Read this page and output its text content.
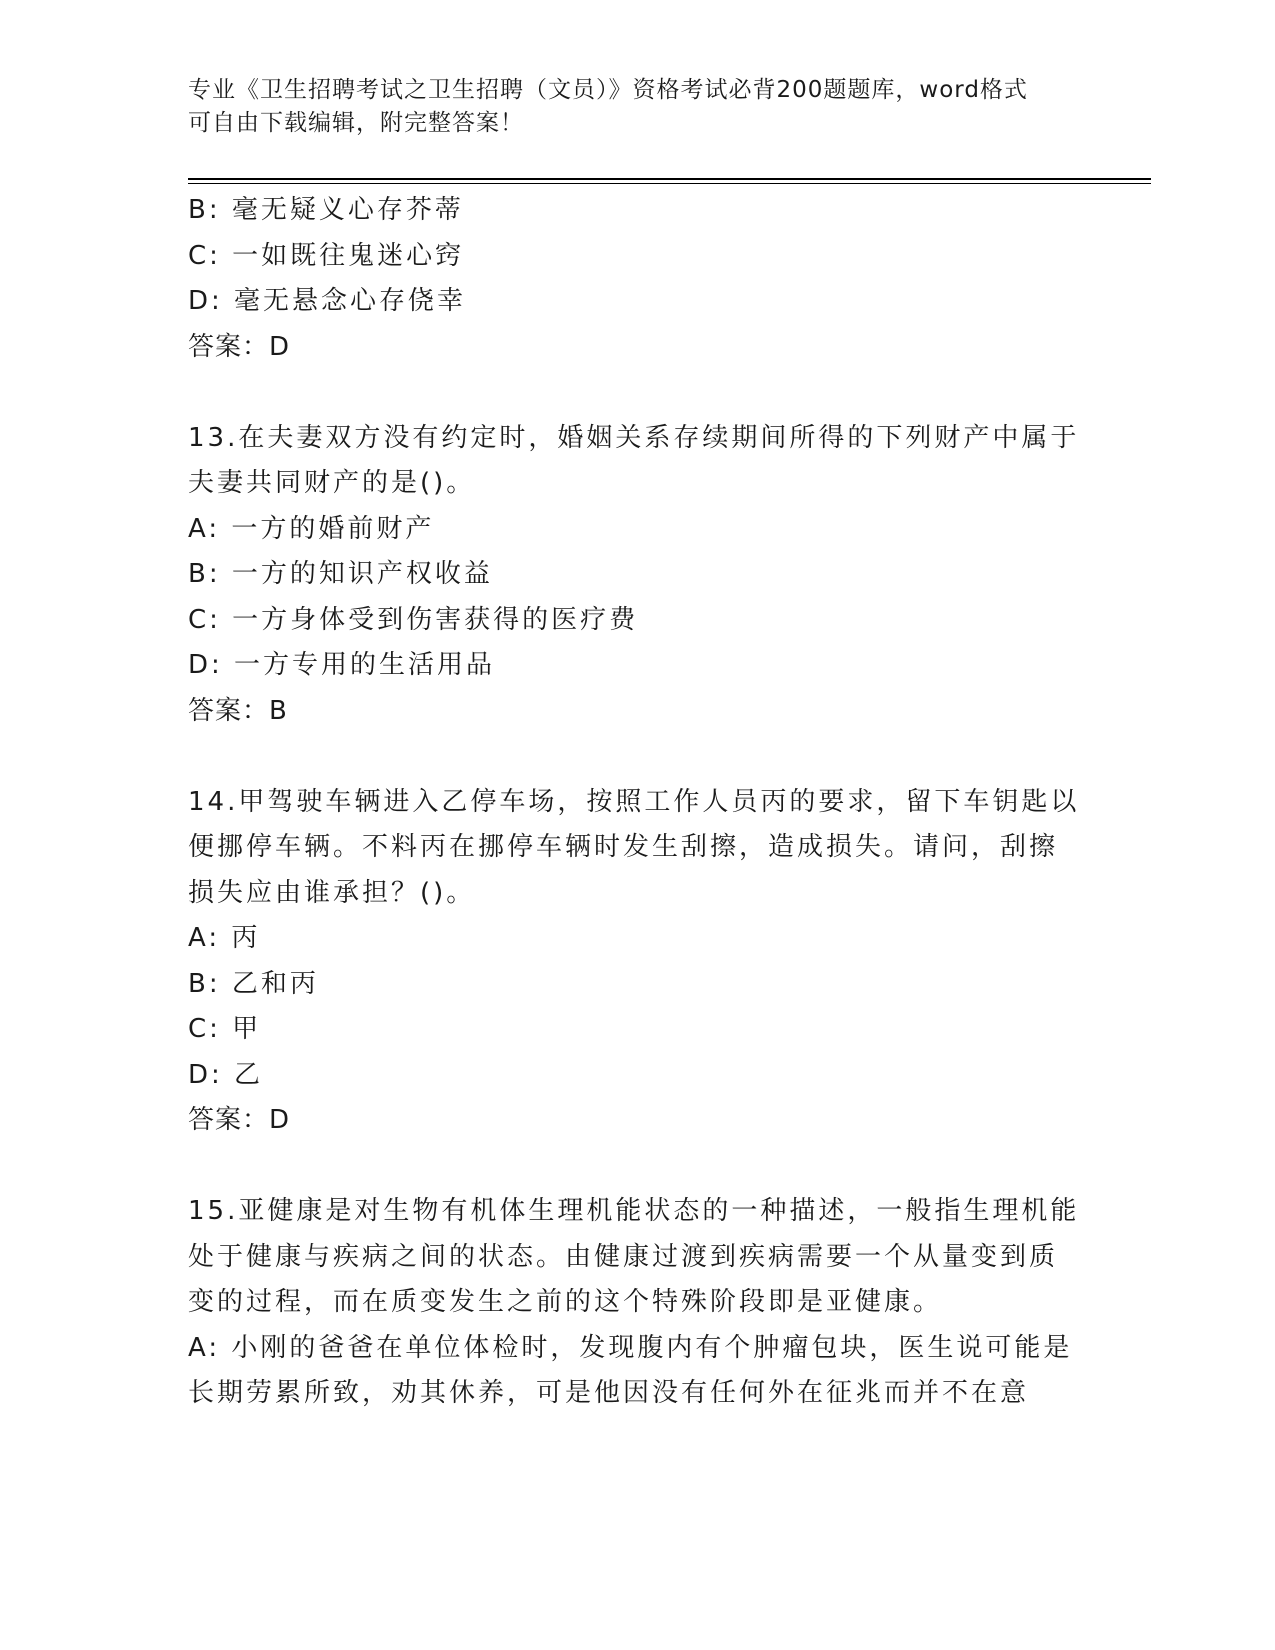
专业《卫生招聘考试之卫生招聘（文员）》资格考试必背200题题库，word格式
可自由下载编辑，附完整答案！
B: 毫无疑义心存芥蒂
C: 一如既往鬼迷心窍
D: 毫无悬念心存侥幸
答案：D
13.在夫妻双方没有约定时，婚姻关系存续期间所得的下列财产中属于
夫妻共同财产的是()。
A: 一方的婚前财产
B: 一方的知识产权收益
C: 一方身体受到伤害获得的医疗费
D: 一方专用的生活用品
答案：B
14.甲驾驶车辆进入乙停车场，按照工作人员丙的要求，留下车钥匙以
便挪停车辆。不料丙在挪停车辆时发生刮擦，造成损失。请问，刮擦
损失应由谁承担？()。
A: 丙
B: 乙和丙
C: 甲
D: 乙
答案：D
15.亚健康是对生物有机体生理机能状态的一种描述，一般指生理机能
处于健康与疾病之间的状态。由健康过渡到疾病需要一个从量变到质
变的过程，而在质变发生之前的这个特殊阶段即是亚健康。
A: 小刚的爸爸在单位体检时，发现腹内有个肿瘤包块，医生说可能是
长期劳累所致，劝其休养，可是他因没有任何外在征兆而并不在意
